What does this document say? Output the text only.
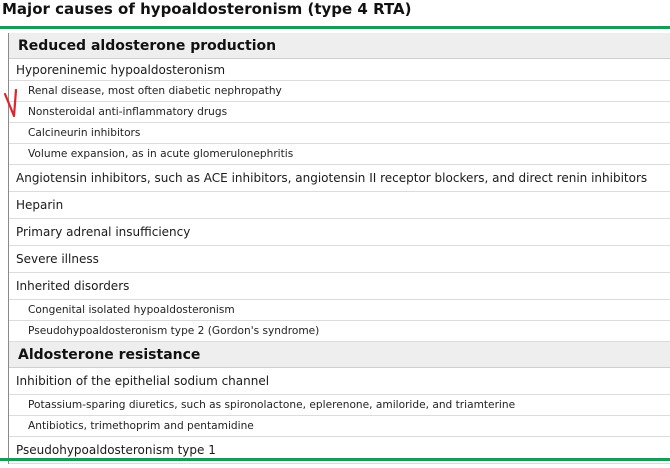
Major causes of hypoaldosteronism (type 4 RTA)
Reduced aldosterone production
Hyporeninemic hypoaldosteronism
Renal disease, most often diabetic nephropathy
Nonsteroidal anti-inflammatory drugs
Calcineurin inhibitors
Volume expansion, as in acute glomerulonephritis
Angiotensin inhibitors, such as ACE inhibitors, angiotensin II receptor blockers, and direct renin inhibitors
Heparin
Primary adrenal insufficiency
Severe illness
Inherited disorders
Congenital isolated hypoaldosteronism
Pseudohypoaldosteronism type 2 (Gordon's syndrome)
Aldosterone resistance
Inhibition of the epithelial sodium channel
Potassium-sparing diuretics, such as spironolactone, eplerenone, amiloride, and triamterine
Antibiotics, trimethoprim and pentamidine
Pseudohypoaldosteronism type 1
